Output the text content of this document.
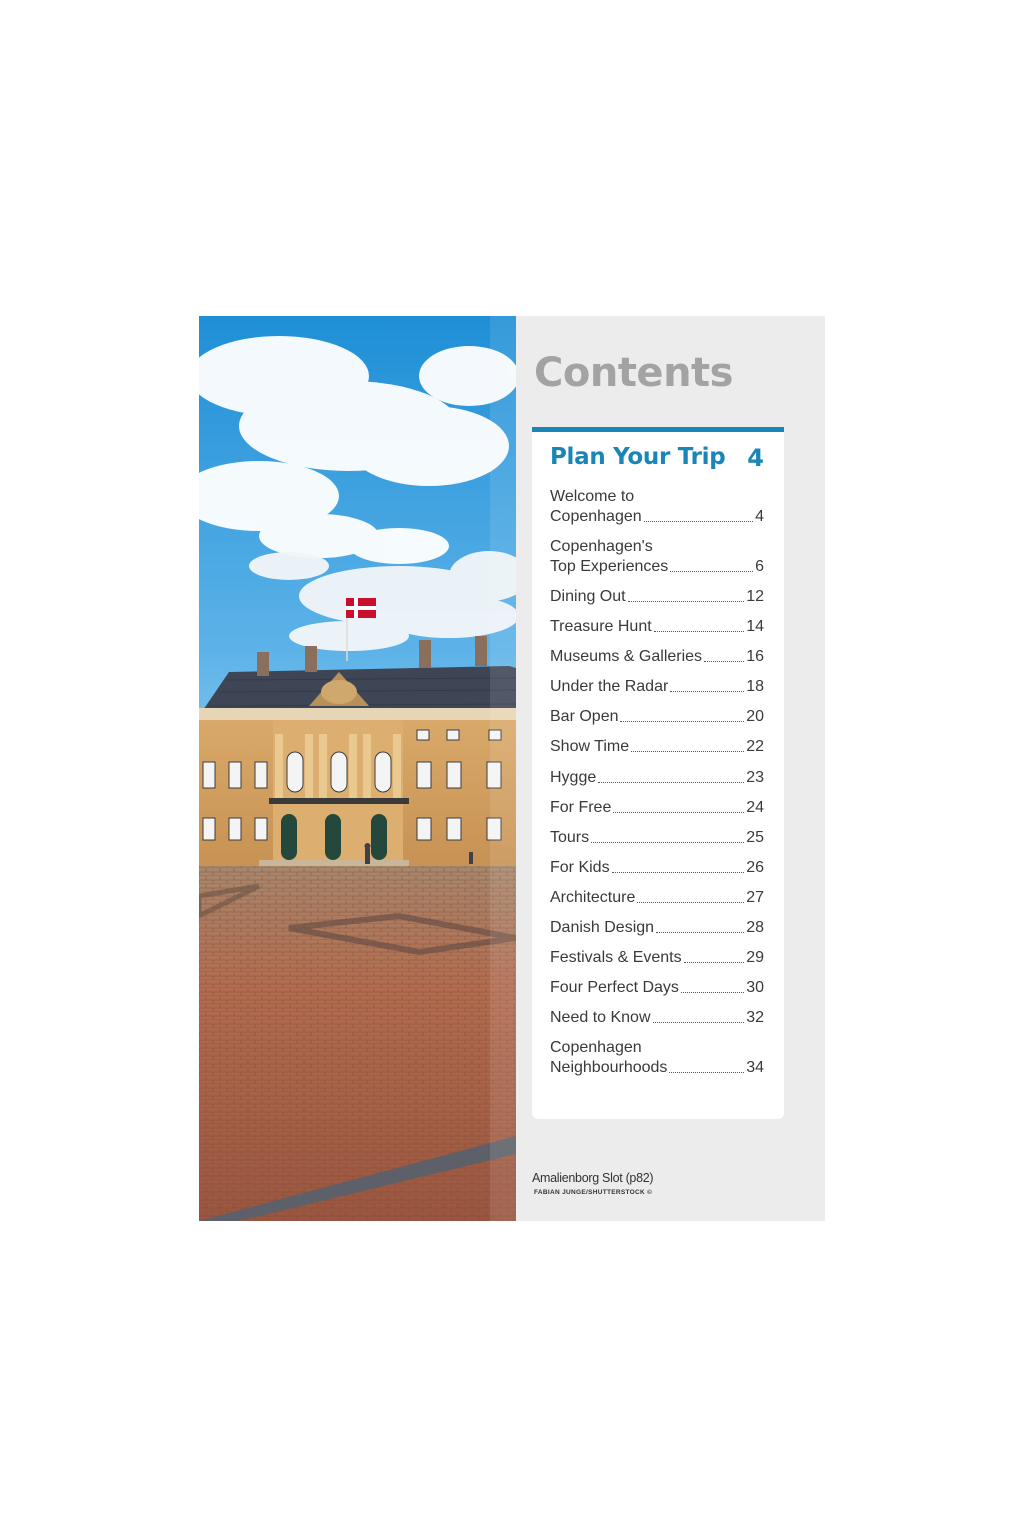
Contents
Plan Your Trip 4
Welcome to
Copenhagen	4
Copenhagen's
Top Experiences	6
Dining Out	12
Treasure Hunt	14
Museums & Galleries	16
Under the Radar	18
Bar Open	20
Show Time	22
Hygge	23
For Free	24
Tours	25
For Kids	26
Architecture	27
Danish Design	28
Festivals & Events	29
Four Perfect Days	30
Need to Know	32
Copenhagen
Neighbourhoods	34
Amalienborg Slot (p82)
FABIAN JUNGE/SHUTTERSTOCK ©
